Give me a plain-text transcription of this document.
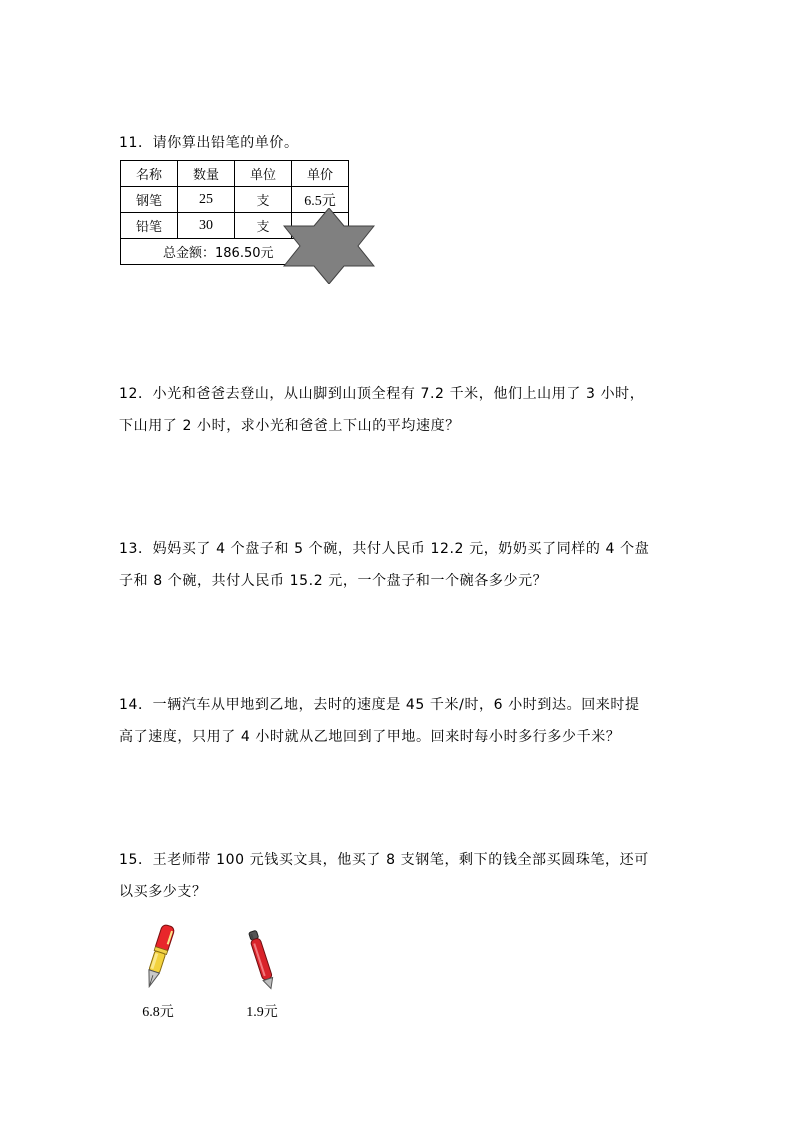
11．请你算出铅笔的单价。

名称	数量	单位	单价
钢笔	25	支	6.5元
铅笔	30	支	
总金额：186.50元			

12．小光和爸爸去登山，从山脚到山顶全程有 7.2 千米，他们上山用了 3 小时，

下山用了 2 小时，求小光和爸爸上下山的平均速度？

13．妈妈买了 4 个盘子和 5 个碗，共付人民币 12.2 元，奶奶买了同样的 4 个盘

子和 8 个碗，共付人民币 15.2 元，一个盘子和一个碗各多少元？

14．一辆汽车从甲地到乙地，去时的速度是 45 千米/时，6 小时到达。回来时提

高了速度，只用了 4 小时就从乙地回到了甲地。回来时每小时多行多少千米？

15．王老师带 100 元钱买文具，他买了 8 支钢笔，剩下的钱全部买圆珠笔，还可

以买多少支？

6.8元	1.9元
